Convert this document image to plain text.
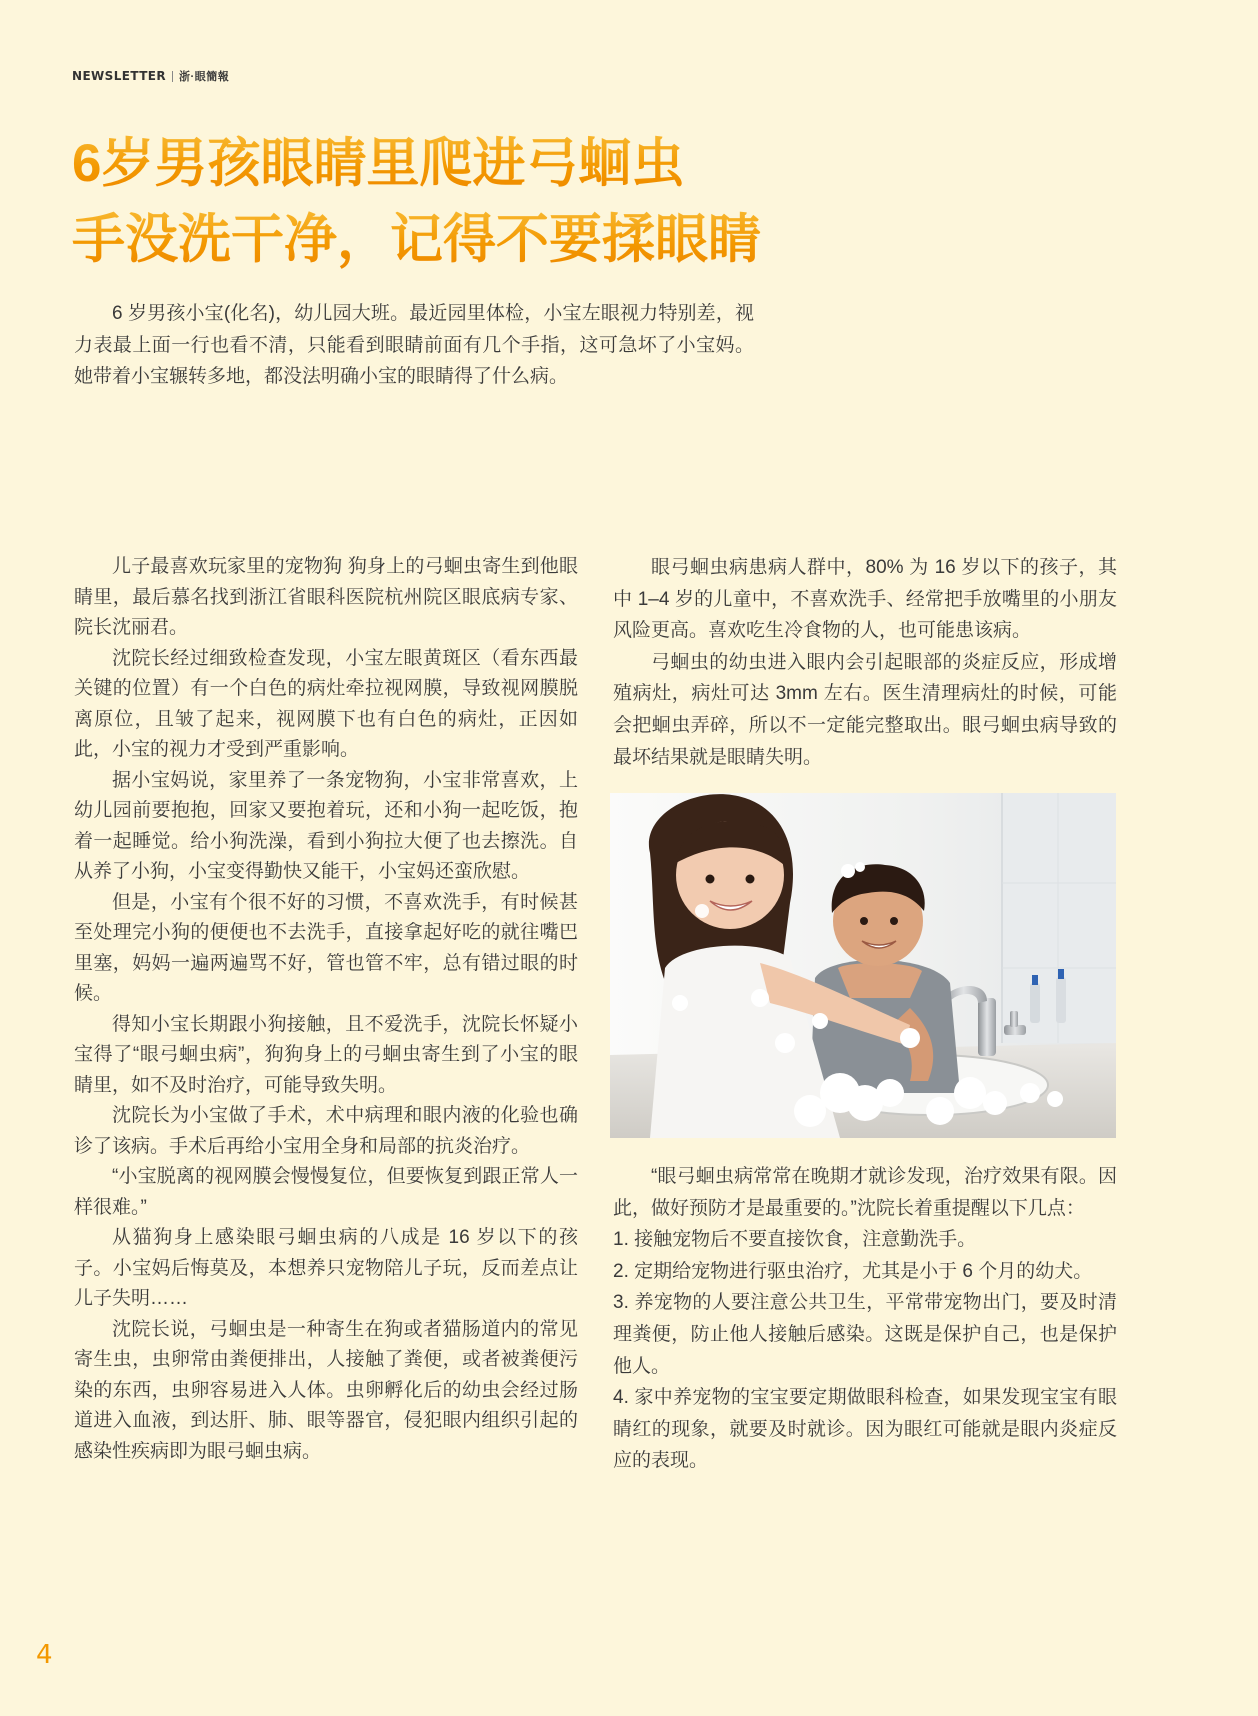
NEWSLETTER 浙·眼簡報
6岁男孩眼睛里爬进弓蛔虫
手没洗干净，记得不要揉眼睛

6 岁男孩小宝(化名)，幼儿园大班。最近园里体检，小宝左眼视力特别差，视力表最上面一行也看不清，只能看到眼睛前面有几个手指，这可急坏了小宝妈。她带着小宝辗转多地，都没法明确小宝的眼睛得了什么病。

儿子最喜欢玩家里的宠物狗 狗身上的弓蛔虫寄生到他眼睛里，最后慕名找到浙江省眼科医院杭州院区眼底病专家、院长沈丽君。

沈院长经过细致检查发现，小宝左眼黄斑区（看东西最关键的位置）有一个白色的病灶牵拉视网膜，导致视网膜脱离原位，且皱了起来，视网膜下也有白色的病灶，正因如此，小宝的视力才受到严重影响。

据小宝妈说，家里养了一条宠物狗，小宝非常喜欢，上幼儿园前要抱抱，回家又要抱着玩，还和小狗一起吃饭，抱着一起睡觉。给小狗洗澡，看到小狗拉大便了也去擦洗。自从养了小狗，小宝变得勤快又能干，小宝妈还蛮欣慰。

但是，小宝有个很不好的习惯，不喜欢洗手，有时候甚至处理完小狗的便便也不去洗手，直接拿起好吃的就往嘴巴里塞，妈妈一遍两遍骂不好，管也管不牢，总有错过眼的时候。

得知小宝长期跟小狗接触，且不爱洗手，沈院长怀疑小宝得了“眼弓蛔虫病”，狗狗身上的弓蛔虫寄生到了小宝的眼睛里，如不及时治疗，可能导致失明。

沈院长为小宝做了手术，术中病理和眼内液的化验也确诊了该病。手术后再给小宝用全身和局部的抗炎治疗。

“小宝脱离的视网膜会慢慢复位，但要恢复到跟正常人一样很难。”

从猫狗身上感染眼弓蛔虫病的八成是 16 岁以下的孩子。小宝妈后悔莫及，本想养只宠物陪儿子玩，反而差点让儿子失明……

沈院长说，弓蛔虫是一种寄生在狗或者猫肠道内的常见寄生虫，虫卵常由粪便排出，人接触了粪便，或者被粪便污染的东西，虫卵容易进入人体。虫卵孵化后的幼虫会经过肠道进入血液，到达肝、肺、眼等器官，侵犯眼内组织引起的感染性疾病即为眼弓蛔虫病。

眼弓蛔虫病患病人群中，80% 为 16 岁以下的孩子，其中 1–4 岁的儿童中，不喜欢洗手、经常把手放嘴里的小朋友风险更高。喜欢吃生冷食物的人，也可能患该病。

弓蛔虫的幼虫进入眼内会引起眼部的炎症反应，形成增殖病灶，病灶可达 3mm 左右。医生清理病灶的时候，可能会把蛔虫弄碎，所以不一定能完整取出。眼弓蛔虫病导致的最坏结果就是眼睛失明。

“眼弓蛔虫病常常在晚期才就诊发现，治疗效果有限。因此，做好预防才是最重要的。”沈院长着重提醒以下几点：

1. 接触宠物后不要直接饮食，注意勤洗手。

2. 定期给宠物进行驱虫治疗，尤其是小于 6 个月的幼犬。

3. 养宠物的人要注意公共卫生，平常带宠物出门，要及时清理粪便，防止他人接触后感染。这既是保护自己，也是保护他人。

4. 家中养宠物的宝宝要定期做眼科检查，如果发现宝宝有眼睛红的现象，就要及时就诊。因为眼红可能就是眼内炎症反应的表现。

4
